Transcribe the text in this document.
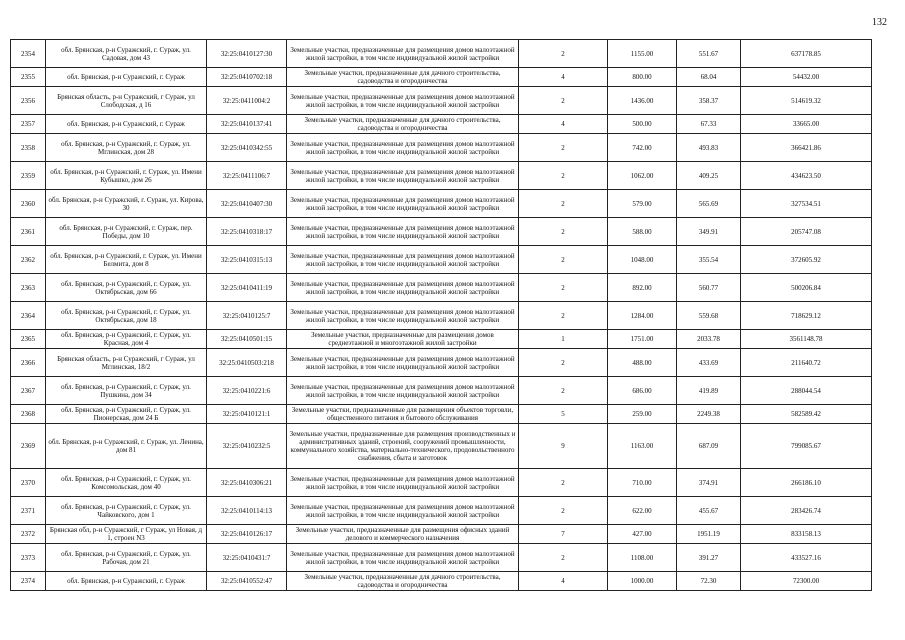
132
2354	обл. Брянская, р-н Суражский, г. Сураж, ул. Садовая, дом 43	32:25:0410127:30	Земельные участки, предназначенные для размещения домов малоэтажной жилой застройки, в том числе индивидуальной жилой застройки	2	1155.00	551.67	637178.85
2355	обл. Брянская, р-н Суражский, г. Сураж	32:25:0410702:18	Земельные участки, предназначенные для дачного строительства, садоводства и огородничества	4	800.00	68.04	54432.00
2356	Брянская область, р-н Суражский, г Сураж, ул Слободская, д 16	32:25:0411004:2	Земельные участки, предназначенные для размещения домов малоэтажной жилой застройки, в том числе индивидуальной жилой застройки	2	1436.00	358.37	514619.32
2357	обл. Брянская, р-н Суражский, г. Сураж	32:25:0410137:41	Земельные участки, предназначенные для дачного строительства, садоводства и огородничества	4	500.00	67.33	33665.00
2358	обл. Брянская, р-н Суражский, г. Сураж, ул. Мглинская, дом 28	32:25:0410342:55	Земельные участки, предназначенные для размещения домов малоэтажной жилой застройки, в том числе индивидуальной жилой застройки	2	742.00	493.83	366421.86
2359	обл. Брянская, р-н Суражский, г. Сураж, ул. Имени Кубышко, дом 26	32:25:0411106:7	Земельные участки, предназначенные для размещения домов малоэтажной жилой застройки, в том числе индивидуальной жилой застройки	2	1062.00	409.25	434623.50
2360	обл. Брянская, р-н Суражский, г. Сураж, ул. Кирова, 30	32:25:0410407:30	Земельные участки, предназначенные для размещения домов малоэтажной жилой застройки, в том числе индивидуальной жилой застройки	2	579.00	565.69	327534.51
2361	обл. Брянская, р-н Суражский, г. Сураж, пер. Победы, дом 10	32:25:0410318:17	Земельные участки, предназначенные для размещения домов малоэтажной жилой застройки, в том числе индивидуальной жилой застройки	2	588.00	349.91	205747.08
2362	обл. Брянская, р-н Суражский, г. Сураж, ул. Имени Белмита, дом 8	32:25:0410315:13	Земельные участки, предназначенные для размещения домов малоэтажной жилой застройки, в том числе индивидуальной жилой застройки	2	1048.00	355.54	372605.92
2363	обл. Брянская, р-н Суражский, г. Сураж, ул. Октябрьская, дом 66	32:25:0410411:19	Земельные участки, предназначенные для размещения домов малоэтажной жилой застройки, в том числе индивидуальной жилой застройки	2	892.00	560.77	500206.84
2364	обл. Брянская, р-н Суражский, г. Сураж, ул. Октябрьская, дом 18	32:25:0410125:7	Земельные участки, предназначенные для размещения домов малоэтажной жилой застройки, в том числе индивидуальной жилой застройки	2	1284.00	559.68	718629.12
2365	обл. Брянская, р-н Суражский, г. Сураж, ул. Красная, дом 4	32:25:0410501:15	Земельные участки, предназначенные для размещения домов среднеэтажной и многоэтажной жилой застройки	1	1751.00	2033.78	3561148.78
2366	Брянская область, р-н Суражский, г Сураж, ул Мглинская, 18/2	32:25:0410503:218	Земельные участки, предназначенные для размещения домов малоэтажной жилой застройки, в том числе индивидуальной жилой застройки	2	488.00	433.69	211640.72
2367	обл. Брянская, р-н Суражский, г. Сураж, ул. Пушкина, дом 34	32:25:0410221:6	Земельные участки, предназначенные для размещения домов малоэтажной жилой застройки, в том числе индивидуальной жилой застройки	2	686.00	419.89	288044.54
2368	обл. Брянская, р-н Суражский, г. Сураж, ул. Пионерская, дом 24 Б	32:25:0410121:1	Земельные участки, предназначенные для размещения объектов торговли, общественного питания и бытового обслуживания	5	259.00	2249.38	582589.42
2369	обл. Брянская, р-н Суражский, г. Сураж, ул. Ленина, дом 81	32:25:0410232:5	Земельные участки, предназначенные для размещения производственных и административных зданий, строений, сооружений промышленности, коммунального хозяйства, материально-технического, продовольственного снабжения, сбыта и заготовок	9	1163.00	687.09	799085.67
2370	обл. Брянская, р-н Суражский, г. Сураж, ул. Комсомольская, дом 40	32:25:0410306:21	Земельные участки, предназначенные для размещения домов малоэтажной жилой застройки, в том числе индивидуальной жилой застройки	2	710.00	374.91	266186.10
2371	обл. Брянская, р-н Суражский, г. Сураж, ул. Чайковского, дом 1	32:25:0410114:13	Земельные участки, предназначенные для размещения домов малоэтажной жилой застройки, в том числе индивидуальной жилой застройки	2	622.00	455.67	283426.74
2372	Брянская обл, р-н Суражский, г Сураж, ул Новая, д 1, строен N3	32:25:0410126:17	Земельные участки, предназначенные для размещения офисных зданий делового и коммерческого назначения	7	427.00	1951.19	833158.13
2373	обл. Брянская, р-н Суражский, г. Сураж, ул. Рабочая, дом 21	32:25:0410431:7	Земельные участки, предназначенные для размещения домов малоэтажной жилой застройки, в том числе индивидуальной жилой застройки	2	1108.00	391.27	433527.16
2374	обл. Брянская, р-н Суражский, г. Сураж	32:25:0410552:47	Земельные участки, предназначенные для дачного строительства, садоводства и огородничества	4	1000.00	72.30	72300.00
